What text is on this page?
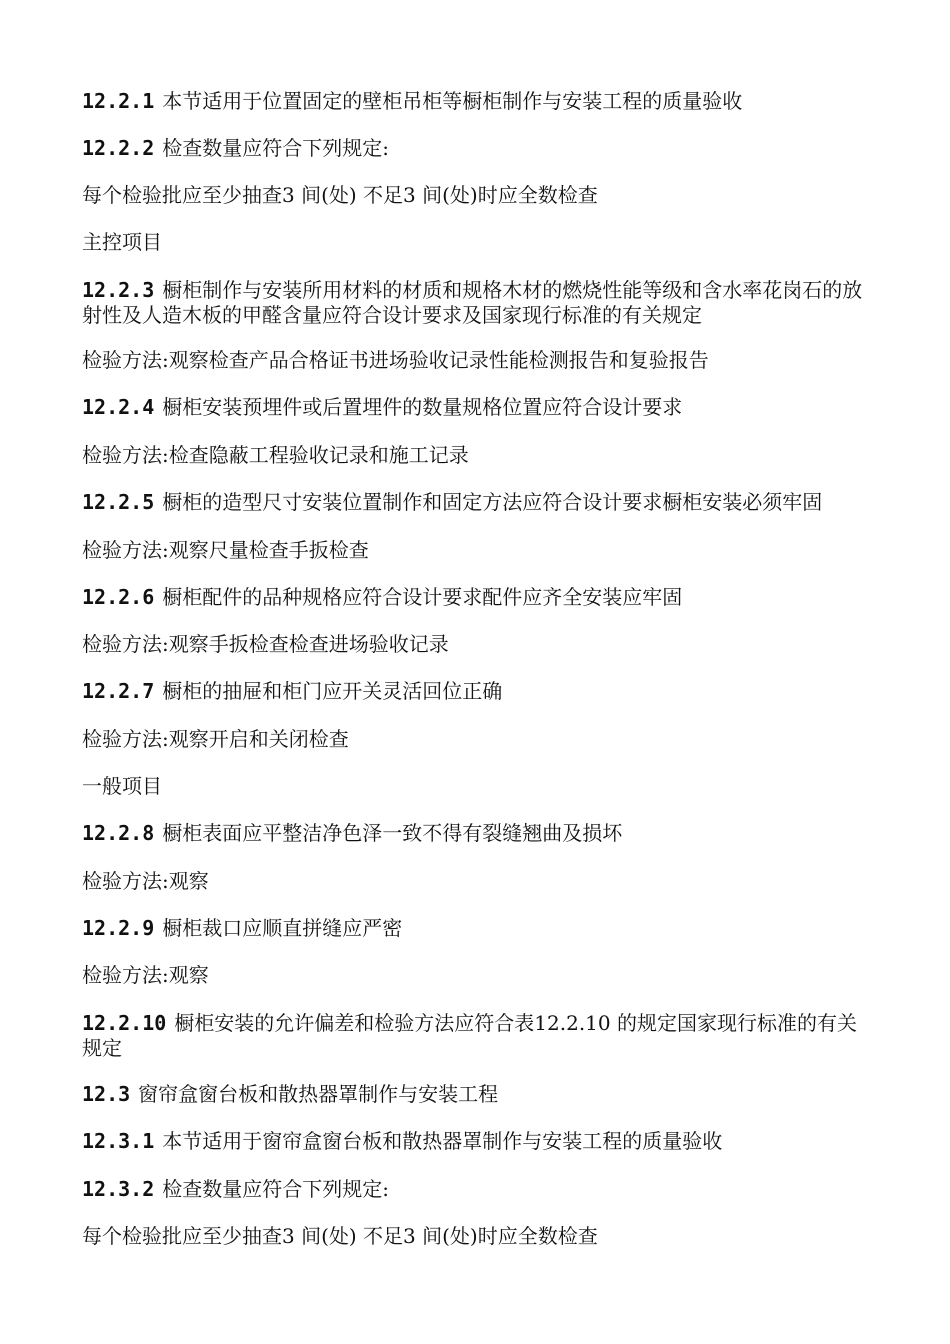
12.2.1 本节适用于位置固定的壁柜吊柜等橱柜制作与安装工程的质量验收

12.2.2 检查数量应符合下列规定:

每个检验批应至少抽查3 间(处) 不足3 间(处)时应全数检查

主控项目

12.2.3 橱柜制作与安装所用材料的材质和规格木材的燃烧性能等级和含水率花岗石的放射性及人造木板的甲醛含量应符合设计要求及国家现行标准的有关规定

检验方法:观察检查产品合格证书进场验收记录性能检测报告和复验报告

12.2.4 橱柜安装预埋件或后置埋件的数量规格位置应符合设计要求

检验方法:检查隐蔽工程验收记录和施工记录

12.2.5 橱柜的造型尺寸安装位置制作和固定方法应符合设计要求橱柜安装必须牢固

检验方法:观察尺量检查手扳检查

12.2.6 橱柜配件的品种规格应符合设计要求配件应齐全安装应牢固

检验方法:观察手扳检查检查进场验收记录

12.2.7 橱柜的抽屉和柜门应开关灵活回位正确

检验方法:观察开启和关闭检查

一般项目

12.2.8 橱柜表面应平整洁净色泽一致不得有裂缝翘曲及损坏

检验方法:观察

12.2.9 橱柜裁口应顺直拼缝应严密

检验方法:观察

12.2.10 橱柜安装的允许偏差和检验方法应符合表12.2.10 的规定国家现行标准的有关规定

12.3 窗帘盒窗台板和散热器罩制作与安装工程

12.3.1 本节适用于窗帘盒窗台板和散热器罩制作与安装工程的质量验收

12.3.2 检查数量应符合下列规定:

每个检验批应至少抽查3 间(处) 不足3 间(处)时应全数检查
